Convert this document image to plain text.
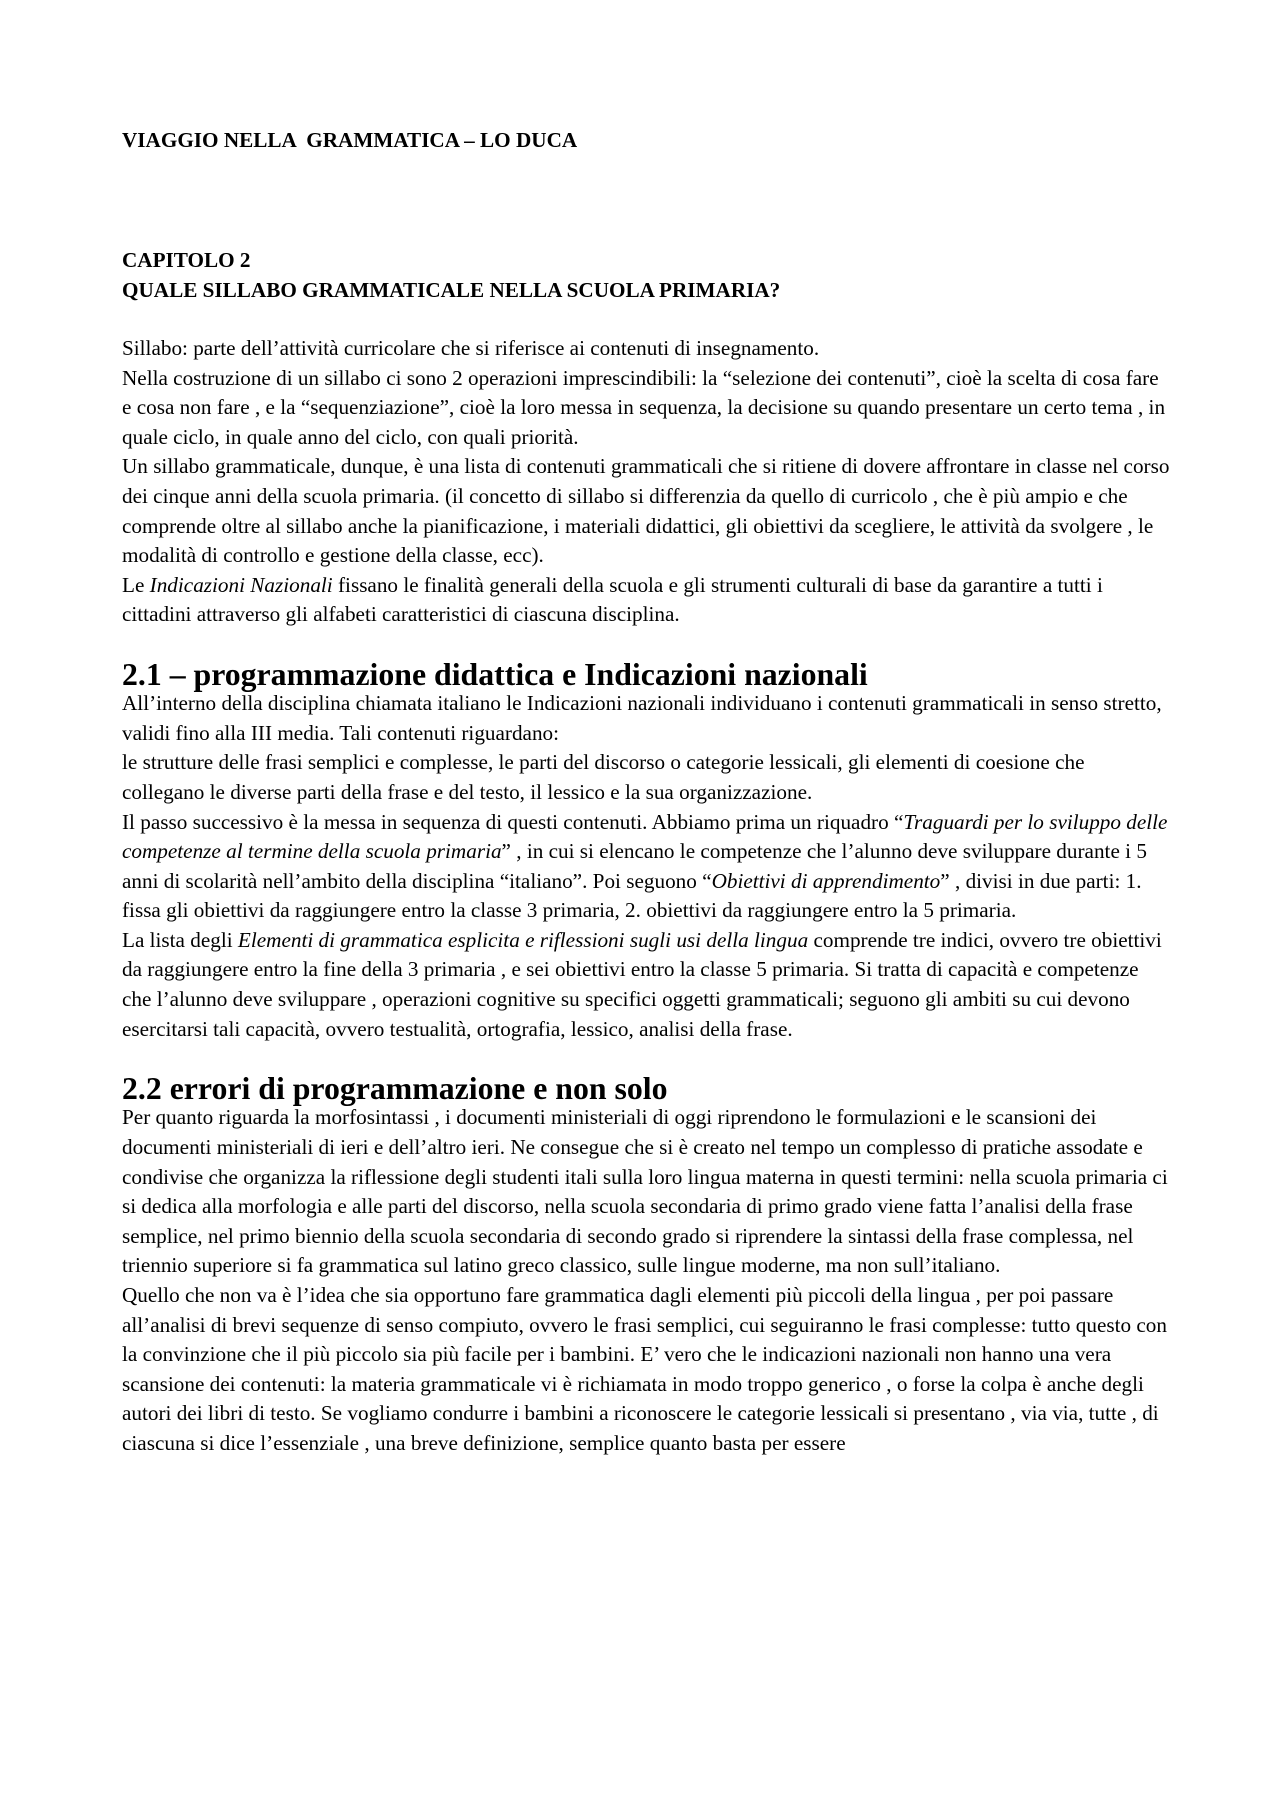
VIAGGIO NELLA  GRAMMATICA – LO DUCA
CAPITOLO 2
QUALE SILLABO GRAMMATICALE NELLA SCUOLA PRIMARIA?

Sillabo: parte dell’attività curricolare che si riferisce ai contenuti di insegnamento.

Nella costruzione di un sillabo ci sono 2 operazioni imprescindibili: la “selezione dei contenuti”, cioè la scelta di cosa fare e cosa non fare , e la “sequenziazione”, cioè la loro messa in sequenza, la decisione su quando presentare un certo tema , in quale ciclo, in quale anno del ciclo, con quali priorità.

Un sillabo grammaticale, dunque, è una lista di contenuti grammaticali che si ritiene di dovere affrontare in classe nel corso dei cinque anni della scuola primaria. (il concetto di sillabo si differenzia da quello di curricolo , che è più ampio e che comprende oltre al sillabo anche la pianificazione, i materiali didattici, gli obiettivi da scegliere, le attività da svolgere , le modalità di controllo e gestione della classe, ecc).

Le Indicazioni Nazionali fissano le finalità generali della scuola e gli strumenti culturali di base da garantire a tutti i cittadini attraverso gli alfabeti caratteristici di ciascuna disciplina.

2.1 – programmazione didattica e Indicazioni nazionali

All’interno della disciplina chiamata italiano le Indicazioni nazionali individuano i contenuti grammaticali in senso stretto, validi fino alla III media. Tali contenuti riguardano:

le strutture delle frasi semplici e complesse, le parti del discorso o categorie lessicali, gli elementi di coesione che collegano le diverse parti della frase e del testo, il lessico e la sua organizzazione.

Il passo successivo è la messa in sequenza di questi contenuti. Abbiamo prima un riquadro “Traguardi per lo sviluppo delle competenze al termine della scuola primaria” , in cui si elencano le competenze che l’alunno deve sviluppare durante i 5 anni di scolarità nell’ambito della disciplina “italiano”. Poi seguono “Obiettivi di apprendimento” , divisi in due parti: 1. fissa gli obiettivi da raggiungere entro la classe 3 primaria, 2. obiettivi da raggiungere entro la 5 primaria.

La lista degli Elementi di grammatica esplicita e riflessioni sugli usi della lingua comprende tre indici, ovvero tre obiettivi da raggiungere entro la fine della 3 primaria , e sei obiettivi entro la classe 5 primaria. Si tratta di capacità e competenze che l’alunno deve sviluppare , operazioni cognitive su specifici oggetti grammaticali; seguono gli ambiti su cui devono esercitarsi tali capacità, ovvero testualità, ortografia, lessico, analisi della frase.

2.2 errori di programmazione e non solo

Per quanto riguarda la morfosintassi , i documenti ministeriali di oggi riprendono le formulazioni e le scansioni dei documenti ministeriali di ieri e dell’altro ieri. Ne consegue che si è creato nel tempo un complesso di pratiche assodate e condivise che organizza la riflessione degli studenti itali sulla loro lingua materna in questi termini: nella scuola primaria ci si dedica alla morfologia e alle parti del discorso, nella scuola secondaria di primo grado viene fatta l’analisi della frase semplice, nel primo biennio della scuola secondaria di secondo grado si riprendere la sintassi della frase complessa, nel triennio superiore si fa grammatica sul latino greco classico, sulle lingue moderne, ma non sull’italiano.

Quello che non va è l’idea che sia opportuno fare grammatica dagli elementi più piccoli della lingua , per poi passare all’analisi di brevi sequenze di senso compiuto, ovvero le frasi semplici, cui seguiranno le frasi complesse: tutto questo con la convinzione che il più piccolo sia più facile per i bambini. E’ vero che le indicazioni nazionali non hanno una vera scansione dei contenuti: la materia grammaticale vi è richiamata in modo troppo generico , o forse la colpa è anche degli autori dei libri di testo. Se vogliamo condurre i bambini a riconoscere le categorie lessicali si presentano , via via, tutte , di ciascuna si dice l’essenziale , una breve definizione, semplice quanto basta per essere
